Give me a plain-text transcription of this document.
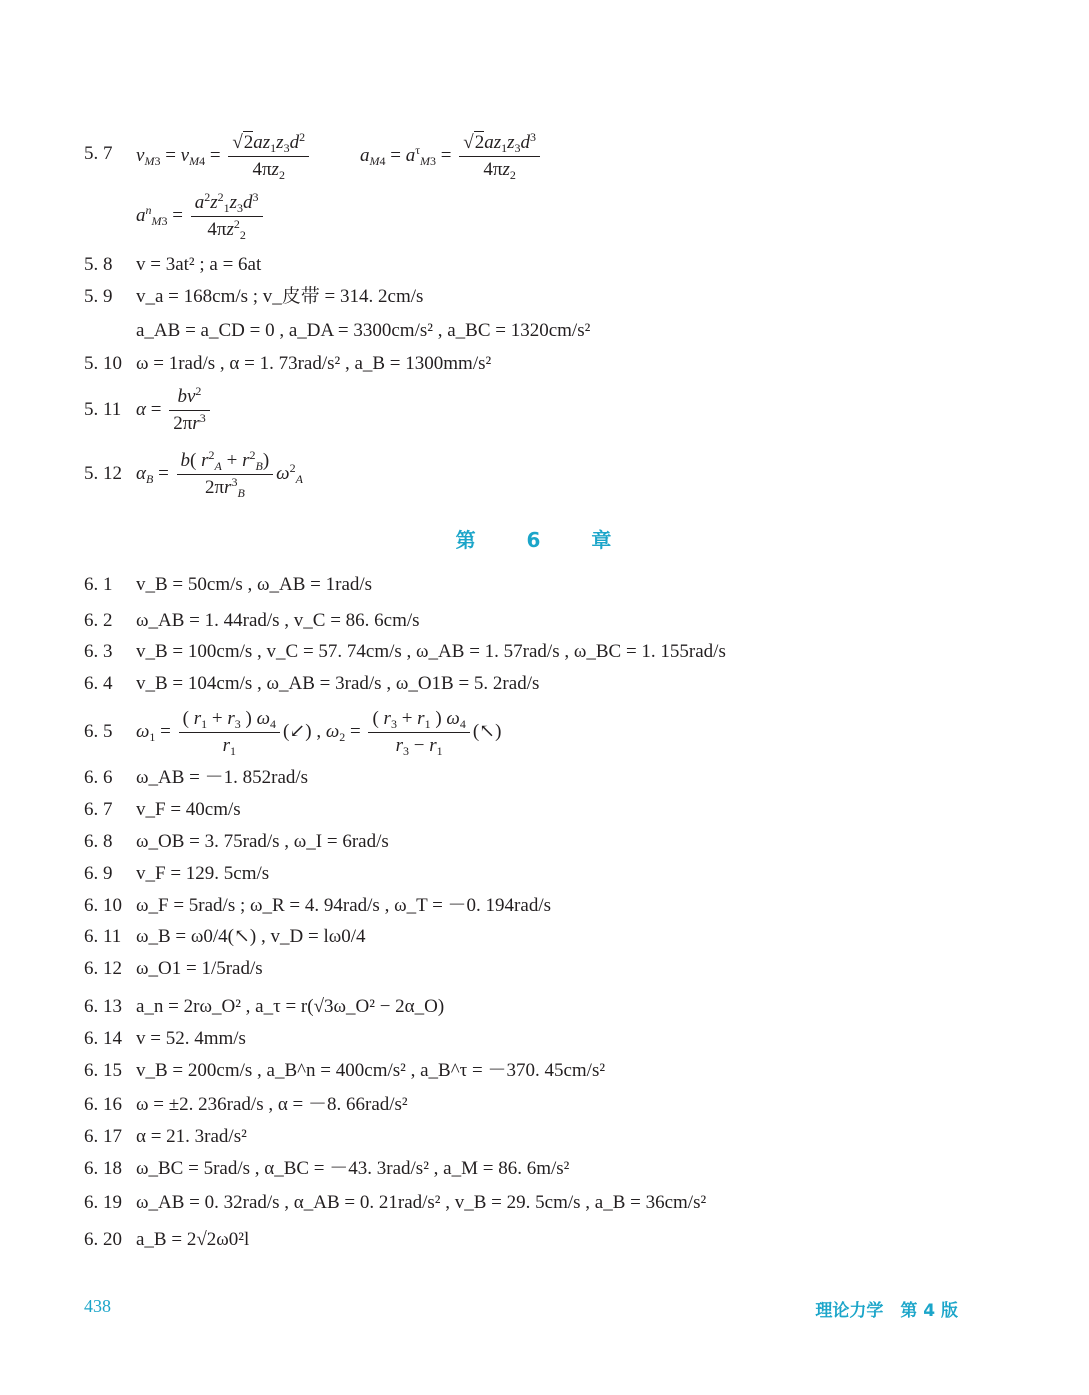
5. 7 $v_{M3} = v_{M4} = \frac{√2az_1z_3d^2}{4\pi z_2}$	$a_{M4} = a^\tau_{M3} = \frac{√2az_1z_3d^3}{4\pi z_2}$
$a^n_{M3} = \frac{a^2z^2_1z_3d^3}{4\pi z^2_2}$
5. 8 v = 3at² ; a = 6at
5. 9 v_a = 168cm/s ; v_皮带 = 314. 2cm/s
a_AB = a_CD = 0 , a_DA = 3300cm/s² , a_BC = 1320cm/s²
5. 10 ω = 1rad/s , α = 1. 73rad/s² , a_B = 1300mm/s²
5. 11 $\alpha = \frac{bv^2}{2\pi r^3}$
5. 12 $\alpha_B = \frac{b( r^2_A + r^2_B)}{2\pi r^3_B} \omega^2_A$
第 6 章
6. 1 v_B = 50cm/s , ω_AB = 1rad/s
6. 2 ω_AB = 1. 44rad/s , v_C = 86. 6cm/s
6. 3 v_B = 100cm/s , v_C = 57. 74cm/s , ω_AB = 1. 57rad/s , ω_BC = 1. 155rad/s
6. 4 v_B = 104cm/s , ω_AB = 3rad/s , ω_O1B = 5. 2rad/s
6. 5 $\omega_1 = \frac{( r_1 + r_3 ) \omega_4}{r_1}$ (↙) , $\omega_2 = \frac{( r_3 + r_1 ) \omega_4}{r_3 - r_1}$ (↖)
6. 6 ω_AB = －1. 852rad/s
6. 7 v_F = 40cm/s
6. 8 ω_OB = 3. 75rad/s , ω_I = 6rad/s
6. 9 v_F = 129. 5cm/s
6. 10 ω_F = 5rad/s ; ω_R = 4. 94rad/s , ω_T = －0. 194rad/s
6. 11 ω_B = ω0/4(↖) , v_D = lω0/4
6. 12 ω_O1 = 1/5rad/s
6. 13 a_n = 2rω_O² , a_τ = r(√3ω_O² − 2α_O)
6. 14 v = 52. 4mm/s
6. 15 v_B = 200cm/s , a_B^n = 400cm/s² , a_B^τ = －370. 45cm/s²
6. 16 ω = ±2. 236rad/s , α = －8. 66rad/s²
6. 17 α = 21. 3rad/s²
6. 18 ω_BC = 5rad/s , α_BC = －43. 3rad/s² , a_M = 86. 6m/s²
6. 19 ω_AB = 0. 32rad/s , α_AB = 0. 21rad/s² , v_B = 29. 5cm/s , a_B = 36cm/s²
6. 20 a_B = 2√2ω0²l
438	理论力学　第 4 版
